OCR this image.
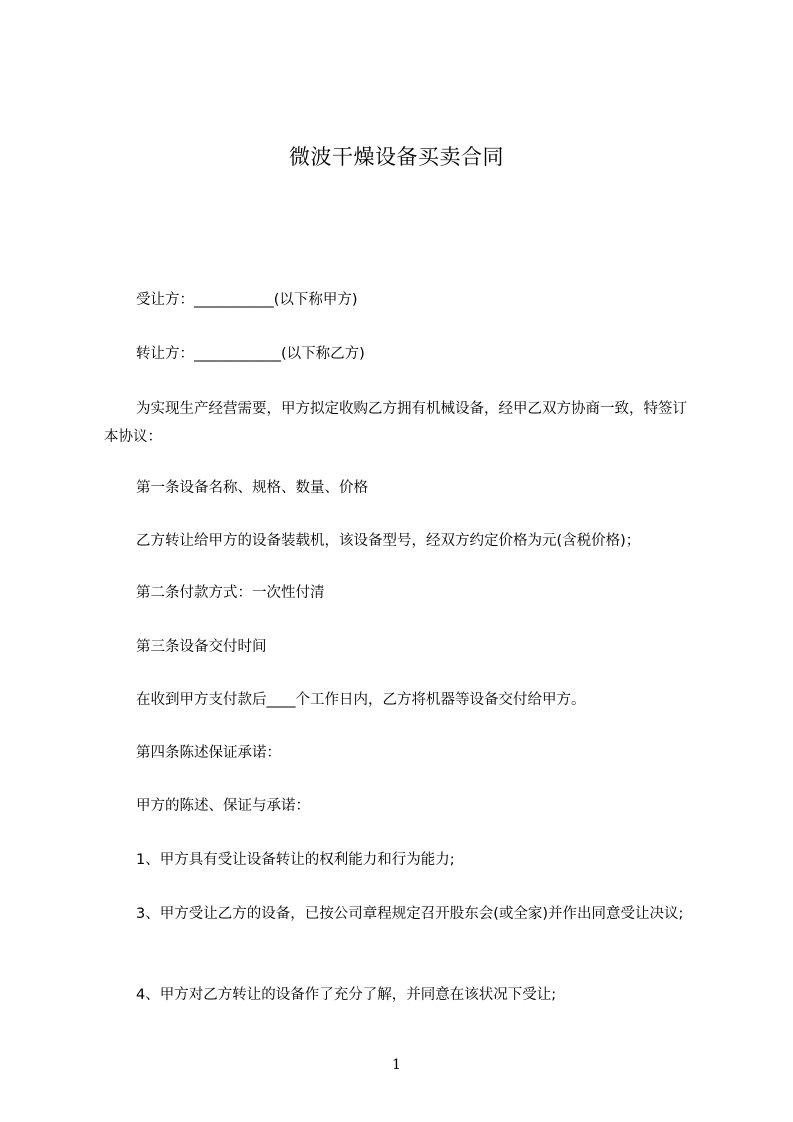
微波干燥设备买卖合同
受让方：___________(以下称甲方)
转让方：____________(以下称乙方)
为实现生产经营需要，甲方拟定收购乙方拥有机械设备，经甲乙双方协商一致，特签订本协议：
第一条设备名称、规格、数量、价格
乙方转让给甲方的设备装载机，该设备型号，经双方约定价格为元(含税价格)；
第二条付款方式：一次性付清
第三条设备交付时间
在收到甲方支付款后____个工作日内，乙方将机器等设备交付给甲方。
第四条陈述保证承诺：
甲方的陈述、保证与承诺：
1、甲方具有受让设备转让的权利能力和行为能力;
3、甲方受让乙方的设备，已按公司章程规定召开股东会(或全家)并作出同意受让决议;
4、甲方对乙方转让的设备作了充分了解，并同意在该状况下受让;
1
